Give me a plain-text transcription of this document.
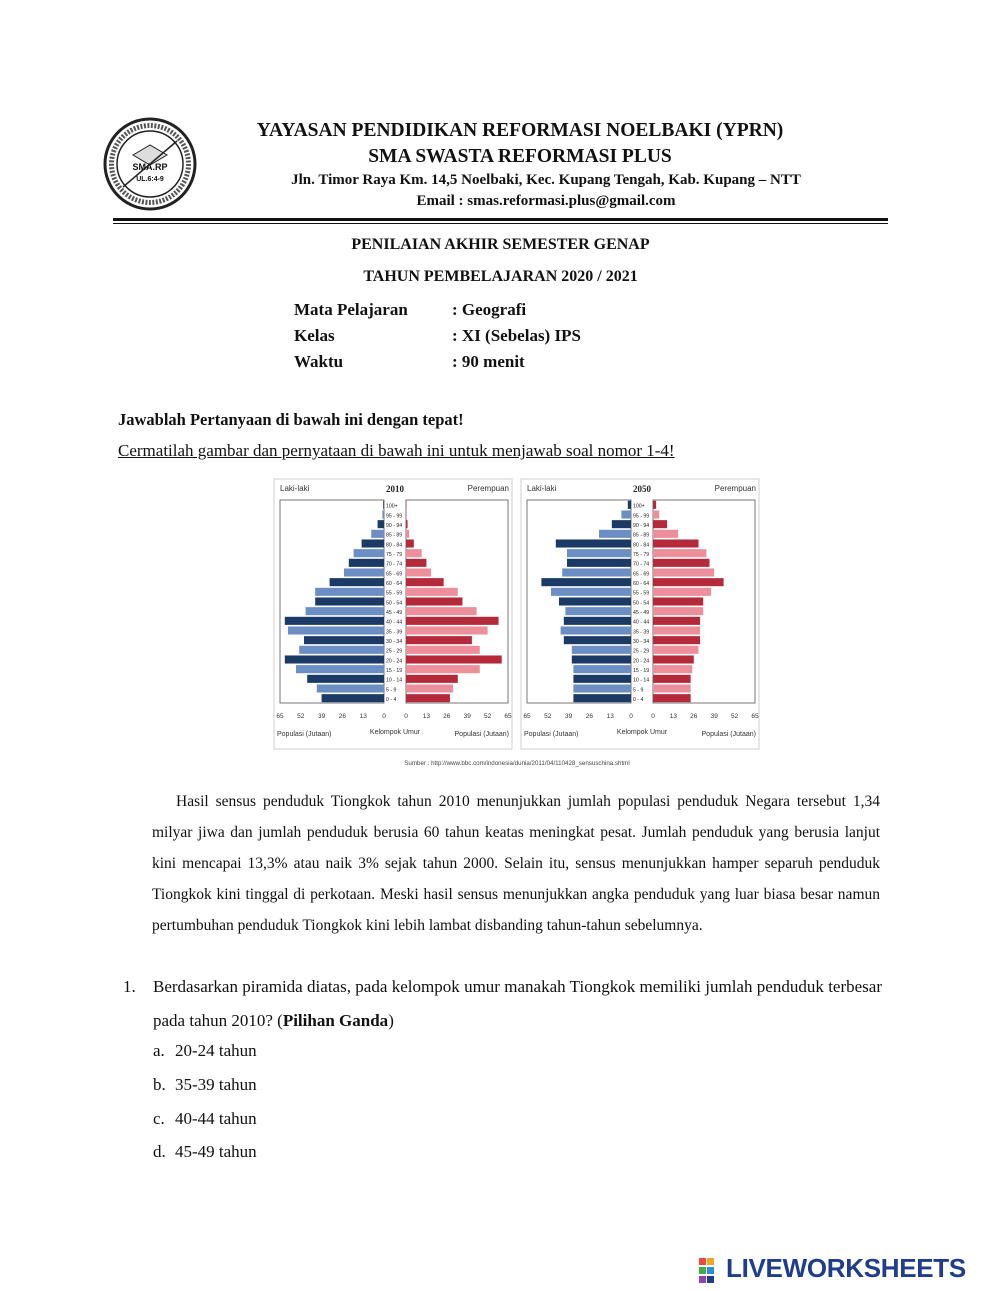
SMA.RP
UL.6:4-9
YAYASAN PENDIDIKAN REFORMASI NOELBAKI (YPRN)
SMA SWASTA REFORMASI PLUS
Jln. Timor Raya Km. 14,5 Noelbaki, Kec. Kupang Tengah, Kab. Kupang – NTT
Email : smas.reformasi.plus@gmail.com
PENILAIAN AKHIR SEMESTER GENAP
TAHUN PEMBELAJARAN 2020 / 2021
Mata Pelajaran	: Geografi
Kelas	: XI (Sebelas) IPS
Waktu	: 90 menit
Jawablah Pertanyaan di bawah ini dengan tepat!
Cermatilah gambar dan pernyataan di bawah ini untuk menjawab soal nomor 1-4!
Laki-laki	2010	Perempuan
0 - 4
5 - 9
10 - 14
15 - 19
20 - 24
25 - 29
30 - 34
35 - 39
40 - 44
45 - 49
50 - 54
55 - 59
60 - 64
65 - 69
70 - 74
75 - 79
80 - 84
85 - 89
90 - 94
95 - 99
100+
65 52 39 26 13 0	0 13 26 39 52 65
Populasi (Jutaan)	Kelompok Umur	Populasi (Jutaan)
Laki-laki	2050	Perempuan
0 - 4
5 - 9
10 - 14
15 - 19
20 - 24
25 - 29
30 - 34
35 - 39
40 - 44
45 - 49
50 - 54
55 - 59
60 - 64
65 - 69
70 - 74
75 - 79
80 - 84
85 - 89
90 - 94
95 - 99
100+
65 52 39 26 13 0	0 13 26 39 52 65
Populasi (Jutaan)	Kelompok Umur	Populasi (Jutaan)
Sumber : http://www.bbc.com/indonesia/dunia/2011/04/110428_sensuschina.shtml

Hasil sensus penduduk Tiongkok tahun 2010 menunjukkan jumlah populasi penduduk Negara tersebut 1,34 milyar jiwa dan jumlah penduduk berusia 60 tahun keatas meningkat pesat. Jumlah penduduk yang berusia lanjut kini mencapai 13,3% atau naik 3% sejak tahun 2000. Selain itu, sensus menunjukkan hamper separuh penduduk Tiongkok kini tinggal di perkotaan. Meski hasil sensus menunjukkan angka penduduk yang luar biasa besar namun pertumbuhan penduduk Tiongkok kini lebih lambat disbanding tahun-tahun sebelumnya.

1. Berdasarkan piramida diatas, pada kelompok umur manakah Tiongkok memiliki jumlah penduduk terbesar pada tahun 2010? (Pilihan Ganda)
a. 20-24 tahun
b. 35-39 tahun
c. 40-44 tahun
d. 45-49 tahun
LIVEWORKSHEETS
